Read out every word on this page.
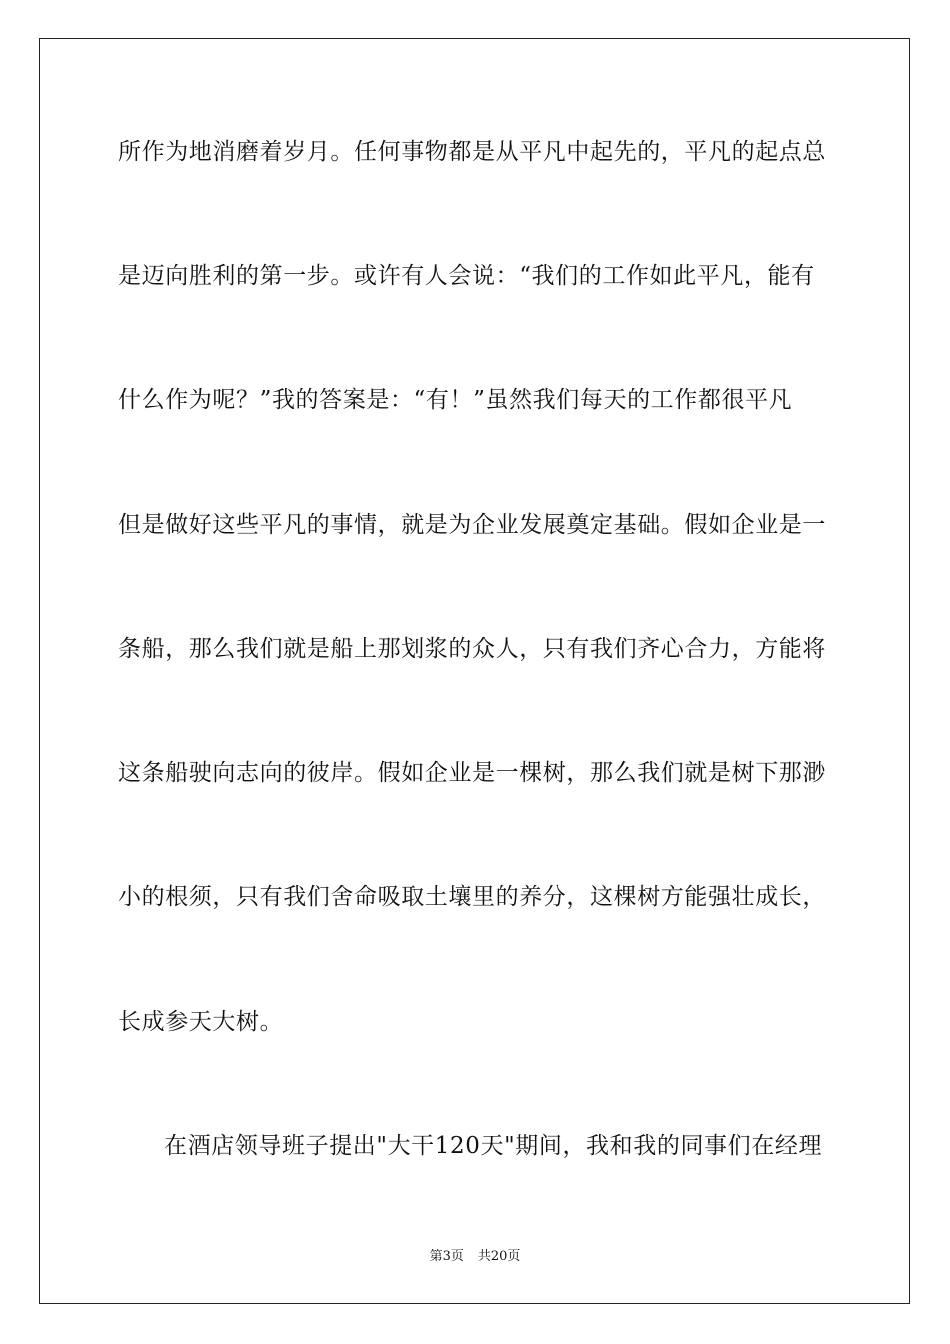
所作为地消磨着岁月。任何事物都是从平凡中起先的，平凡的起点总
是迈向胜利的第一步。或许有人会说：“我们的工作如此平凡，能有
什么作为呢？”我的答案是：“有！”虽然我们每天的工作都很平凡
但是做好这些平凡的事情，就是为企业发展奠定基础。假如企业是一
条船，那么我们就是船上那划浆的众人，只有我们齐心合力，方能将
这条船驶向志向的彼岸。假如企业是一棵树，那么我们就是树下那渺
小的根须，只有我们舍命吸取土壤里的养分，这棵树方能强壮成长，
长成参天大树。
在酒店领导班子提出"大干120天"期间，我和我的同事们在经理
第3页 共20页
